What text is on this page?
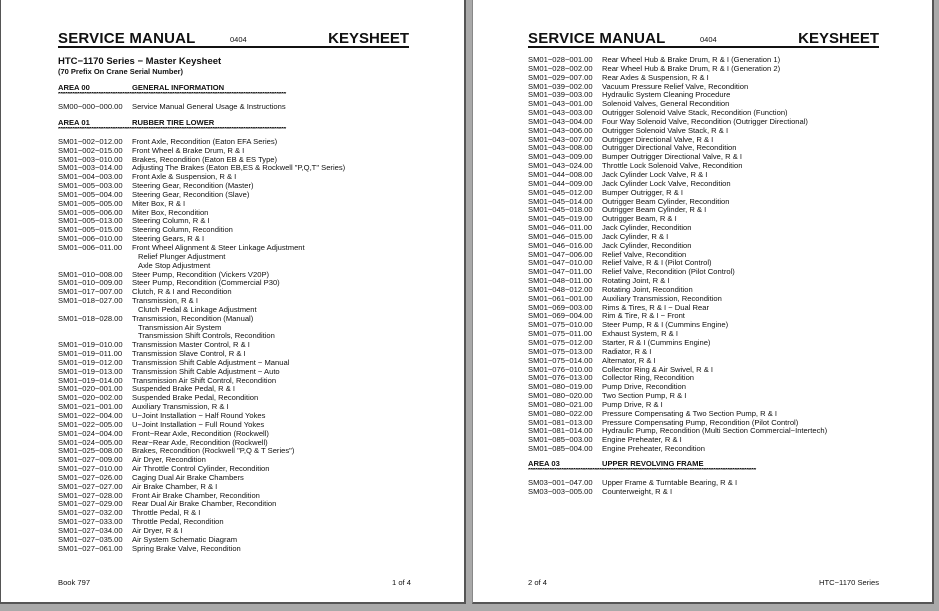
SERVICE MANUAL	0404	KEYSHEET
HTC−1170 Series − Master Keysheet
(70 Prefix On Crane Serial Number)
AREA 00	GENERAL INFORMATION
************************************************************************************************
SM00−000−000.00	Service Manual General Usage & Instructions
AREA 01	RUBBER TIRE LOWER
************************************************************************************************
SM01−002−012.00	Front Axle, Recondition (Eaton EFA Series)
SM01−002−015.00	Front Wheel & Brake Drum, R & I
SM01−003−010.00	Brakes, Recondition (Eaton EB & ES Type)
SM01−003−014.00	Adjusting The Brakes (Eaton EB,ES & Rockwell "P,Q,T" Series)
SM01−004−003.00	Front Axle & Suspension, R & I
SM01−005−003.00	Steering Gear, Recondition (Master)
SM01−005−004.00	Steering Gear, Recondition (Slave)
SM01−005−005.00	Miter Box, R & I
SM01−005−006.00	Miter Box, Recondition
SM01−005−013.00	Steering Column, R & I
SM01−005−015.00	Steering Column, Recondition
SM01−006−010.00	Steering Gears, R & I
SM01−006−011.00	Front Wheel Alignment & Steer Linkage Adjustment
Relief Plunger Adjustment
Axle Stop Adjustment
SM01−010−008.00	Steer Pump, Recondition (Vickers V20P)
SM01−010−009.00	Steer Pump, Recondition (Commercial P30)
SM01−017−007.00	Clutch, R & I and Recondition
SM01−018−027.00	Transmission, R & I
Clutch Pedal & Linkage Adjustment
SM01−018−028.00	Transmission, Recondition (Manual)
Transmission Air System
Transmission Shift Controls, Recondition
SM01−019−010.00	Transmission Master Control, R & I
SM01−019−011.00	Transmission Slave Control, R & I
SM01−019−012.00	Transmission Shift Cable Adjustment − Manual
SM01−019−013.00	Transmission Shift Cable Adjustment − Auto
SM01−019−014.00	Transmission Air Shift Control, Recondition
SM01−020−001.00	Suspended Brake Pedal, R & I
SM01−020−002.00	Suspended Brake Pedal, Recondition
SM01−021−001.00	Auxiliary Transmission, R & I
SM01−022−004.00	U−Joint Installation − Half Round Yokes
SM01−022−005.00	U−Joint Installation − Full Round Yokes
SM01−024−004.00	Front−Rear Axle, Recondition (Rockwell)
SM01−024−005.00	Rear−Rear Axle, Recondition (Rockwell)
SM01−025−008.00	Brakes, Recondition (Rockwell "P,Q & T Series")
SM01−027−009.00	Air Dryer, Recondition
SM01−027−010.00	Air Throttle Control Cylinder, Recondition
SM01−027−026.00	Caging Dual Air Brake Chambers
SM01−027−027.00	Air Brake Chamber, R & I
SM01−027−028.00	Front Air Brake Chamber, Recondition
SM01−027−029.00	Rear Dual Air Brake Chamber, Recondition
SM01−027−032.00	Throttle Pedal, R & I
SM01−027−033.00	Throttle Pedal, Recondition
SM01−027−034.00	Air Dryer, R & I
SM01−027−035.00	Air System Schematic Diagram
SM01−027−061.00	Spring Brake Valve, Recondition
Book 797	1 of 4
SERVICE MANUAL	0404	KEYSHEET
SM01−028−001.00	Rear Wheel Hub & Brake Drum, R & I (Generation 1)
SM01−028−002.00	Rear Wheel Hub & Brake Drum, R & I (Generation 2)
SM01−029−007.00	Rear Axles & Suspension, R & I
SM01−039−002.00	Vacuum Pressure Relief Valve, Recondition
SM01−039−003.00	Hydraulic System Cleaning Procedure
SM01−043−001.00	Solenoid Valves, General Recondition
SM01−043−003.00	Outrigger Solenoid Valve Stack, Recondition (Function)
SM01−043−004.00	Four Way Solenoid Valve, Recondition (Outrigger Directional)
SM01−043−006.00	Outrigger Solenoid Valve Stack, R & I
SM01−043−007.00	Outrigger Directional Valve, R & I
SM01−043−008.00	Outrigger Directional Valve, Recondition
SM01−043−009.00	Bumper Outrigger Directional Valve, R & I
SM01−043−024.00	Throttle Lock Solenoid Valve, Recondition
SM01−044−008.00	Jack Cylinder Lock Valve, R & I
SM01−044−009.00	Jack Cylinder Lock Valve, Recondition
SM01−045−012.00	Bumper Outrigger, R & I
SM01−045−014.00	Outrigger Beam Cylinder, Recondition
SM01−045−018.00	Outrigger Beam Cylinder, R & I
SM01−045−019.00	Outrigger Beam, R & I
SM01−046−011.00	Jack Cylinder, Recondition
SM01−046−015.00	Jack Cylinder, R & I
SM01−046−016.00	Jack Cylinder, Recondition
SM01−047−006.00	Relief Valve, Recondition
SM01−047−010.00	Relief Valve, R & I (Pilot Control)
SM01−047−011.00	Relief Valve, Recondition (Pilot Control)
SM01−048−011.00	Rotating Joint, R & I
SM01−048−012.00	Rotating Joint, Recondition
SM01−061−001.00	Auxiliary Transmission, Recondition
SM01−069−003.00	Rims & Tires, R & I − Dual Rear
SM01−069−004.00	Rim & Tire, R & I − Front
SM01−075−010.00	Steer Pump, R & I (Cummins Engine)
SM01−075−011.00	Exhaust System, R & I
SM01−075−012.00	Starter, R & I (Cummins Engine)
SM01−075−013.00	Radiator, R & I
SM01−075−014.00	Alternator, R & I
SM01−076−010.00	Collector Ring & Air Swivel, R & I
SM01−076−013.00	Collector Ring, Recondition
SM01−080−019.00	Pump Drive, Recondition
SM01−080−020.00	Two Section Pump, R & I
SM01−080−021.00	Pump Drive, R & I
SM01−080−022.00	Pressure Compensating & Two Section Pump, R & I
SM01−081−013.00	Pressure Compensating Pump, Recondition (Pilot Control)
SM01−081−014.00	Hydraulic Pump, Recondition (Multi Section Commercial−Intertech)
SM01−085−003.00	Engine Preheater, R & I
SM01−085−004.00	Engine Preheater, Recondition
AREA 03	UPPER REVOLVING FRAME
************************************************************************************************
SM03−001−047.00	Upper Frame & Turntable Bearing, R & I
SM03−003−005.00	Counterweight, R & I
2 of 4	HTC−1170 Series
